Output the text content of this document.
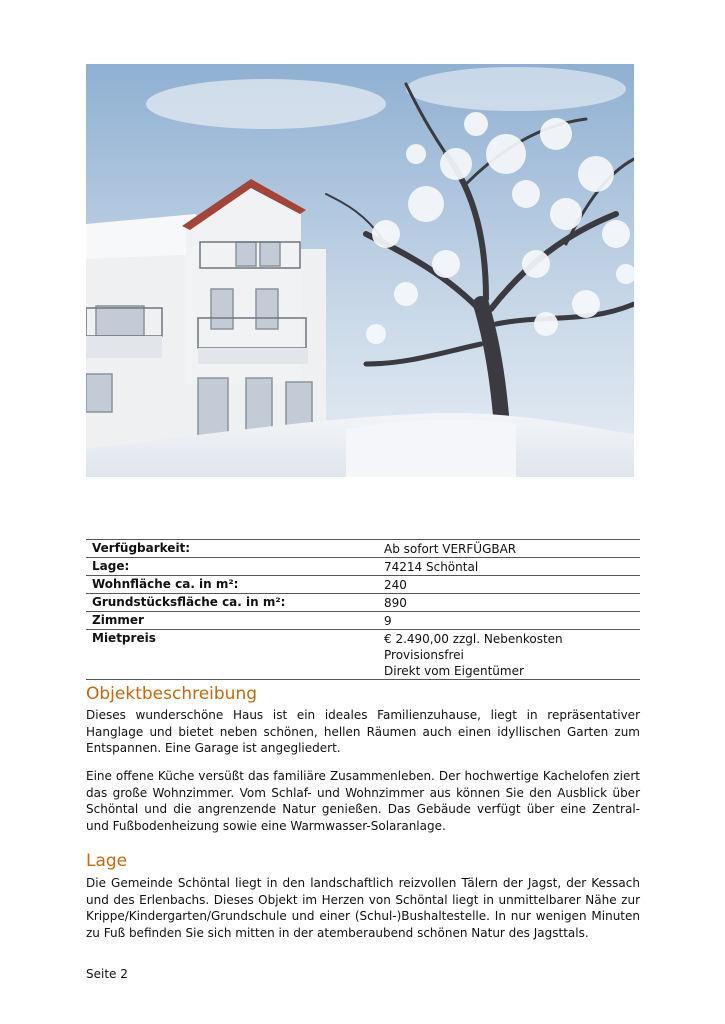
Verfügbarkeit:	Ab sofort VERFÜGBAR

Lage:	74214 Schöntal

Wohnfläche ca. in m²:	240

Grundstücksfläche ca. in m²:	890

Zimmer	9

Mietpreis	€ 2.490,00 zzgl. Nebenkosten
Provisionsfrei
Direkt vom Eigentümer
Objektbeschreibung

Dieses wunderschöne Haus ist ein ideales Familienzuhause, liegt in repräsentativer Hanglage und bietet neben schönen, hellen Räumen auch einen idyllischen Garten zum Entspannen. Eine Garage ist angegliedert.

Eine offene Küche versüßt das familiäre Zusammenleben. Der hochwertige Kachelofen ziert das große Wohnzimmer. Vom Schlaf- und Wohnzimmer aus können Sie den Ausblick über Schöntal und die angrenzende Natur genießen. Das Gebäude verfügt über eine Zentral- und Fußbodenheizung sowie eine Warmwasser-Solaranlage.

Lage

Die Gemeinde Schöntal liegt in den landschaftlich reizvollen Tälern der Jagst, der Kessach und des Erlenbachs. Dieses Objekt im Herzen von Schöntal liegt in unmittelbarer Nähe zur Krippe/Kindergarten/Grundschule und einer (Schul-)Bushaltestelle. In nur wenigen Minuten zu Fuß befinden Sie sich mitten in der atemberaubend schönen Natur des Jagsttals.

Seite 2
